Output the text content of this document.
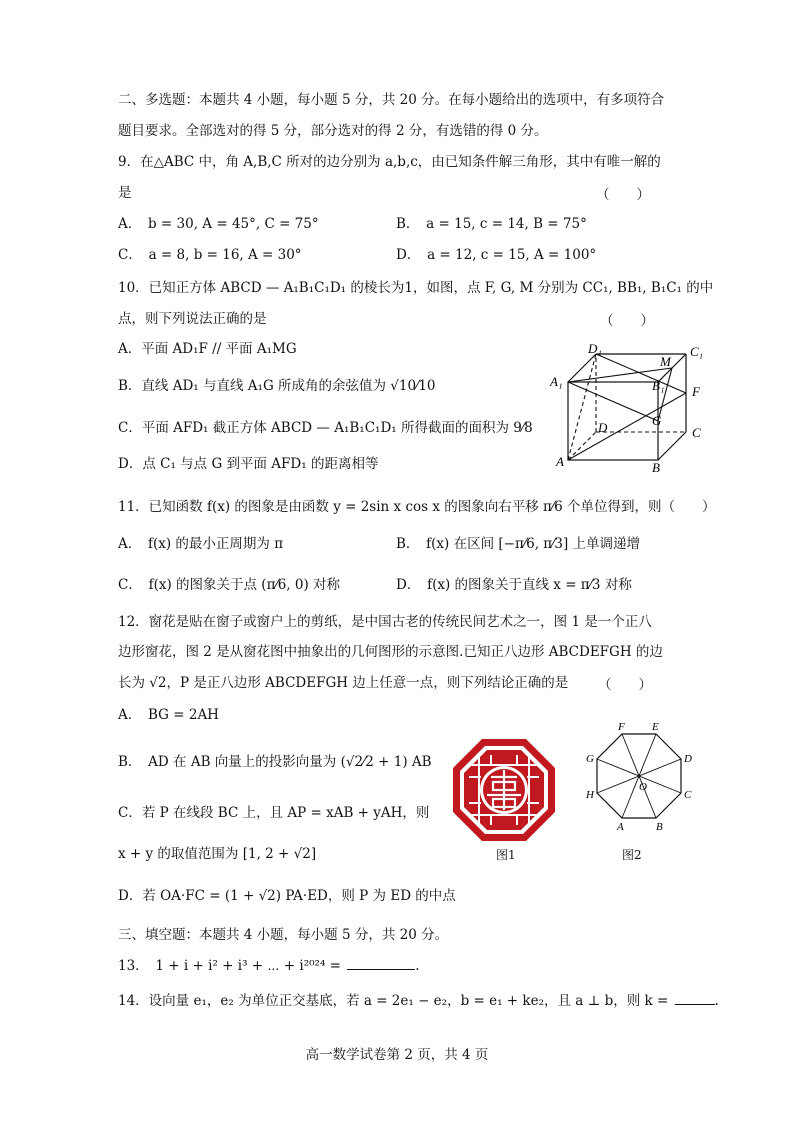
二、多选题：本题共 4 小题，每小题 5 分，共 20 分。在每小题给出的选项中，有多项符合
题目要求。全部选对的得 5 分，部分选对的得 2 分，有选错的得 0 分。
9．在△ABC 中，角 A,B,C 所对的边分别为 a,b,c，由已知条件解三角形，其中有唯一解的
是	（　　）
A．　b = 30, A = 45°, C = 75°	B．　a = 15, c = 14, B = 75°
C．　a = 8, b = 16, A = 30°	D．　a = 12, c = 15, A = 100°
10．已知正方体 ABCD — A₁B₁C₁D₁ 的棱长为1，如图，点 F, G, M 分别为 CC₁, BB₁, B₁C₁ 的中
点，则下列说法正确的是	（　　）
A．平面 AD₁F // 平面 A₁MG
B．直线 AD₁ 与直线 A₁G 所成角的余弦值为 √10⁄10
C．平面 AFD₁ 截正方体 ABCD — A₁B₁C₁D₁ 所得截面的面积为 9⁄8
D．点 C₁ 与点 G 到平面 AFD₁ 的距离相等
D₁
M
C₁
A₁	B₁ F
D	G
C
A	B
11．已知函数 f(x) 的图象是由函数 y = 2sin x cos x 的图象向右平移 π⁄6 个单位得到，则（　　）
A．　f(x) 的最小正周期为 π	B．　f(x) 在区间 [−π⁄6, π⁄3] 上单调递增
C．　f(x) 的图象关于点 (π⁄6, 0) 对称	D．　f(x) 的图象关于直线 x = π⁄3 对称
12．窗花是贴在窗子或窗户上的剪纸，是中国古老的传统民间艺术之一，图 1 是一个正八
边形窗花，图 2 是从窗花图中抽象出的几何图形的示意图.已知正八边形 ABCDEFGH 的边
长为 √2，P 是正八边形 ABCDEFGH 边上任意一点，则下列结论正确的是 （　　）
A．　BG = 2AH
B．　AD 在 AB 向量上的投影向量为 (√2⁄2 + 1) AB
C．若 P 在线段 BC 上，且 AP = xAB + yAH，则
x + y 的取值范围为 [1, 2 + √2]
D．若 OA·FC = (1 + √2) PA·ED，则 P 为 ED 的中点
F E
G	D
H	C
A	B
O
图1	图2
三、填空题：本题共 4 小题，每小题 5 分，共 20 分。
13．　1 + i + i² + i³ + ⋯ + i²⁰²⁴ =	.
14．设向量 e₁，e₂ 为单位正交基底，若 a = 2e₁ − e₂，b = e₁ + ke₂，且 a ⊥ b，则 k =	.
高一数学试卷第 2 页，共 4 页
